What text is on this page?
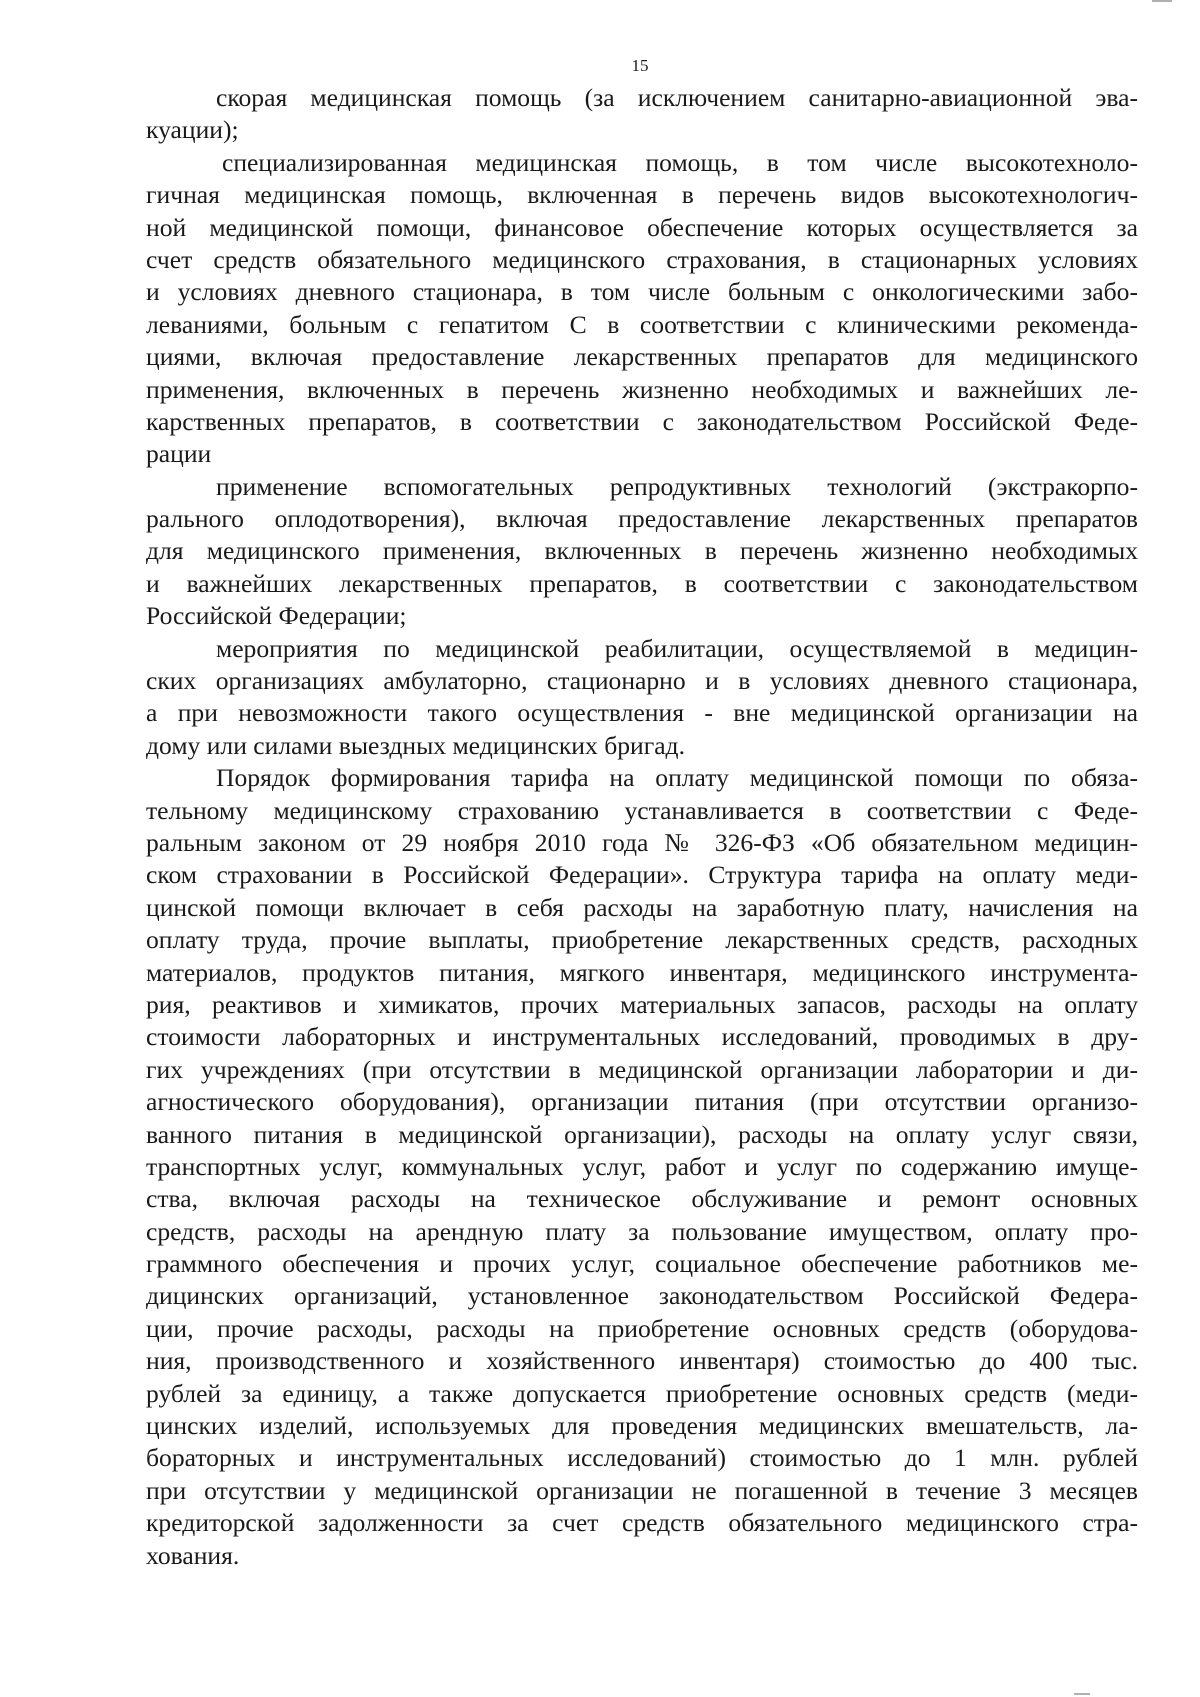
15
скорая медицинская помощь (за исключением санитарно-авиационной эва-
куации);
специализированная медицинская помощь, в том числе высокотехноло-
гичная медицинская помощь, включенная в перечень видов высокотехнологич-
ной медицинской помощи, финансовое обеспечение которых осуществляется за
счет средств обязательного медицинского страхования, в стационарных условиях
и условиях дневного стационара, в том числе больным с онкологическими забо-
леваниями, больным с гепатитом С в соответствии с клиническими рекоменда-
циями, включая предоставление лекарственных препаратов для медицинского
применения, включенных в перечень жизненно необходимых и важнейших ле-
карственных препаратов, в соответствии с законодательством Российской Феде-
рации
применение вспомогательных репродуктивных технологий (экстракорпо-
рального оплодотворения), включая предоставление лекарственных препаратов
для медицинского применения, включенных в перечень жизненно необходимых
и важнейших лекарственных препаратов, в соответствии с законодательством
Российской Федерации;
мероприятия по медицинской реабилитации, осуществляемой в медицин-
ских организациях амбулаторно, стационарно и в условиях дневного стационара,
а при невозможности такого осуществления - вне медицинской организации на
дому или силами выездных медицинских бригад.
Порядок формирования тарифа на оплату медицинской помощи по обяза-
тельному медицинскому страхованию устанавливается в соответствии с Феде-
ральным законом от 29 ноября 2010 года № 326-ФЗ «Об обязательном медицин-
ском страховании в Российской Федерации». Структура тарифа на оплату меди-
цинской помощи включает в себя расходы на заработную плату, начисления на
оплату труда, прочие выплаты, приобретение лекарственных средств, расходных
материалов, продуктов питания, мягкого инвентаря, медицинского инструмента-
рия, реактивов и химикатов, прочих материальных запасов, расходы на оплату
стоимости лабораторных и инструментальных исследований, проводимых в дру-
гих учреждениях (при отсутствии в медицинской организации лаборатории и ди-
агностического оборудования), организации питания (при отсутствии организо-
ванного питания в медицинской организации), расходы на оплату услуг связи,
транспортных услуг, коммунальных услуг, работ и услуг по содержанию имуще-
ства, включая расходы на техническое обслуживание и ремонт основных
средств, расходы на арендную плату за пользование имуществом, оплату про-
граммного обеспечения и прочих услуг, социальное обеспечение работников ме-
дицинских организаций, установленное законодательством Российской Федера-
ции, прочие расходы, расходы на приобретение основных средств (оборудова-
ния, производственного и хозяйственного инвентаря) стоимостью до 400 тыс.
рублей за единицу, а также допускается приобретение основных средств (меди-
цинских изделий, используемых для проведения медицинских вмешательств, ла-
бораторных и инструментальных исследований) стоимостью до 1 млн. рублей
при отсутствии у медицинской организации не погашенной в течение 3 месяцев
кредиторской задолженности за счет средств обязательного медицинского стра-
хования.
